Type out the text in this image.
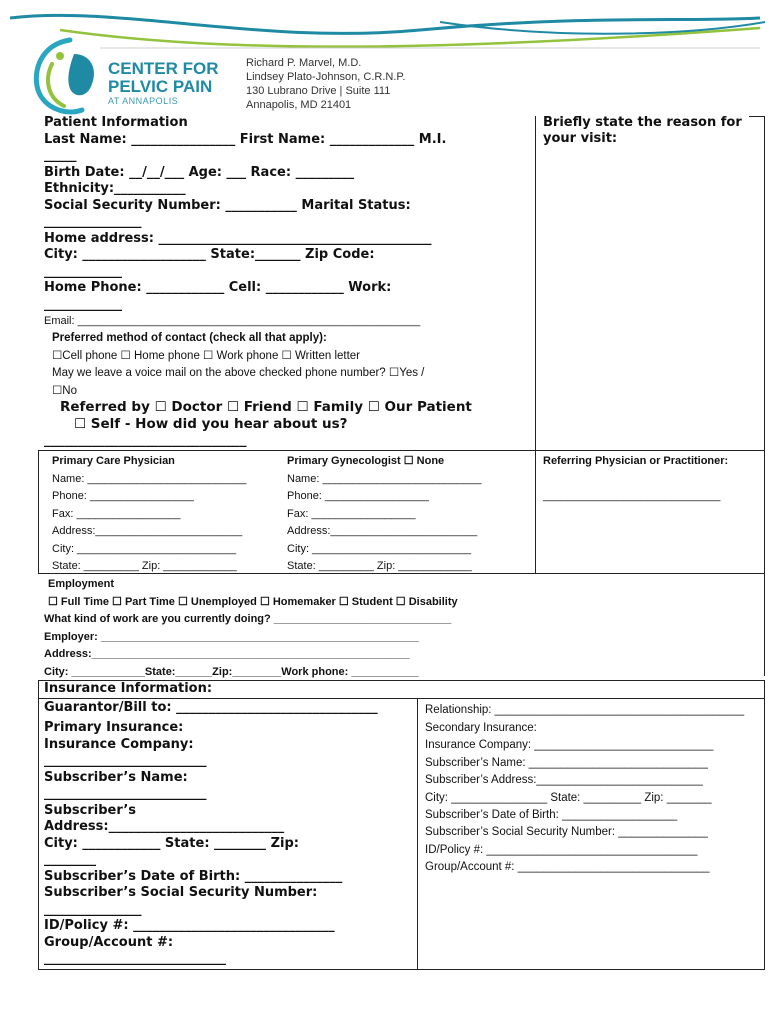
CENTER FOR
PELVIC PAIN
AT ANNAPOLIS
Richard P. Marvel, M.D.
Lindsey Plato-Johnson, C.R.N.P.
130 Lubrano Drive | Suite 111
Annapolis, MD 21401
Patient Information
Last Name: ________________ First Name: _____________ M.I.
_____
Birth Date: __/__/___ Age: ___ Race: _________
Ethnicity:___________
Social Security Number: ___________ Marital Status:
_______________
Home address: __________________________________________
City: ___________________ State:_______ Zip Code:
____________
Home Phone: ____________ Cell: ____________ Work:
____________
Email: ________________________________________________________
Preferred method of contact (check all that apply):
☐Cell phone ☐ Home phone ☐ Work phone ☐ Written letter
May we leave a voice mail on the above checked phone number? ☐Yes /
☐No
Referred by ☐ Doctor ☐ Friend ☐ Family ☐ Our Patient
☐ Self - How did you hear about us?
______________________________
Briefly state the reason for
your visit:
Primary Care Physician
Name: __________________________
Phone: _________________
Fax: _________________
Address:________________________
City: __________________________
State: _________ Zip: ____________
Primary Gynecologist ☐ None
Name: __________________________
Phone: _________________
Fax: _________________
Address:________________________
City: __________________________
State: _________ Zip: ____________
Referring Physician or Practitioner:
_____________________________
Employment
☐ Full Time ☐ Part Time ☐ Unemployed ☐ Homemaker ☐ Student ☐ Disability
What kind of work are you currently doing? _____________________________
Employer: ____________________________________________________
Address:____________________________________________________
City: ____________State:______Zip:________Work phone: ___________
Insurance Information:
Guarantor/Bill to: _______________________________	Relationship: _______________________________________
Primary Insurance:
Insurance Company:
_________________________
Subscriber’s Name:
_________________________
Subscriber’s
Address:___________________________
City: ____________ State: ________ Zip:
________
Subscriber’s Date of Birth: _______________
Subscriber’s Social Security Number:
_______________
ID/Policy #: _______________________________
Group/Account #:
____________________________
Secondary Insurance:
Insurance Company: ____________________________
Subscriber’s Name: ____________________________
Subscriber’s Address:__________________________
City: _______________ State: _________ Zip: _______
Subscriber’s Date of Birth: __________________
Subscriber’s Social Security Number: ______________
ID/Policy #: _________________________________
Group/Account #: ______________________________
